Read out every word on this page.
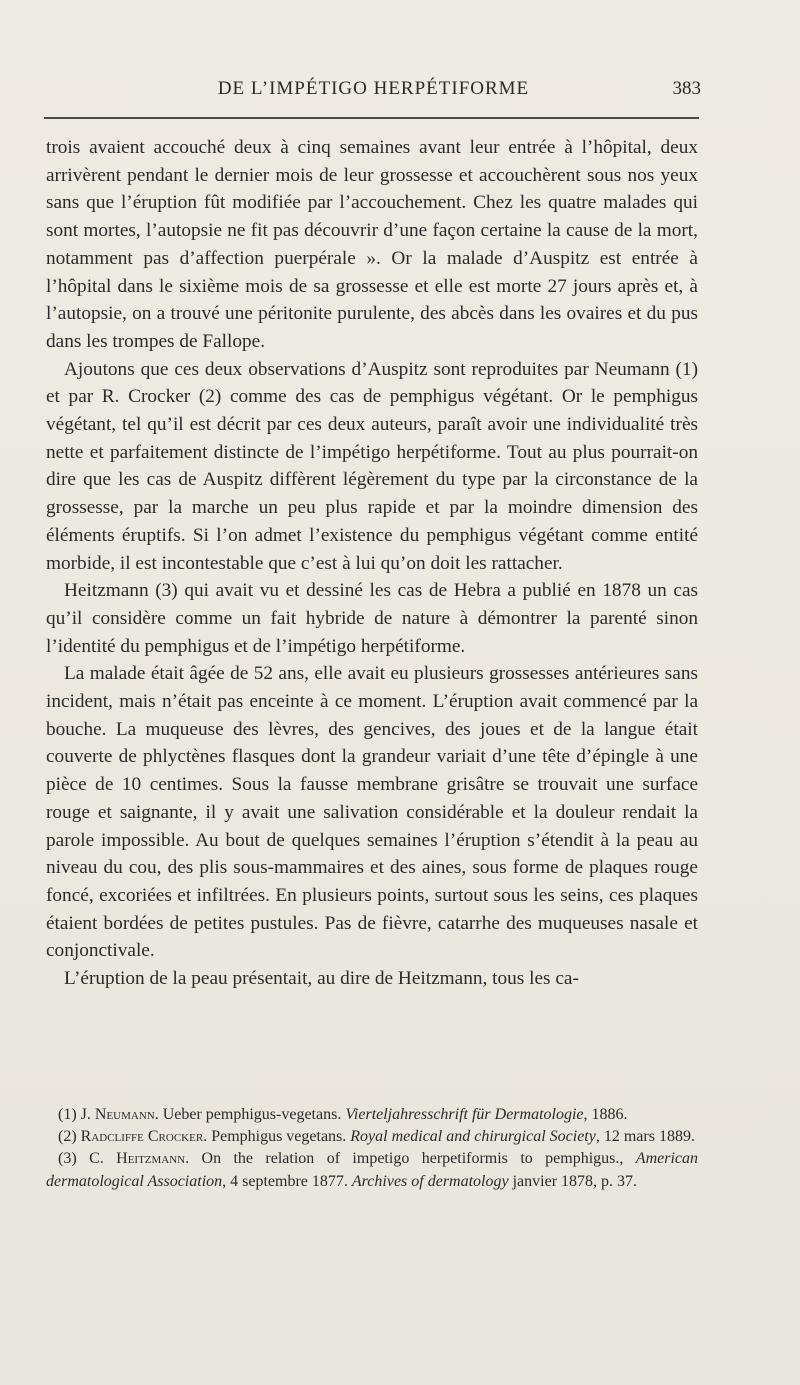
DE L’IMPÉTIGO HERPÉTIFORME	383

trois avaient accouché deux à cinq semaines avant leur entrée à l’hôpital, deux arrivèrent pendant le dernier mois de leur grossesse et accouchèrent sous nos yeux sans que l’éruption fût modifiée par l’accouchement. Chez les quatre malades qui sont mortes, l’autopsie ne fit pas découvrir d’une façon certaine la cause de la mort, notamment pas d’affection puerpérale ». Or la malade d’Auspitz est entrée à l’hôpital dans le sixième mois de sa grossesse et elle est morte 27 jours après et, à l’autopsie, on a trouvé une péritonite purulente, des abcès dans les ovaires et du pus dans les trompes de Fallope.

Ajoutons que ces deux observations d’Auspitz sont reproduites par Neumann (1) et par R. Crocker (2) comme des cas de pemphigus végétant. Or le pemphigus végétant, tel qu’il est décrit par ces deux auteurs, paraît avoir une individualité très nette et parfaitement distincte de l’impétigo herpétiforme. Tout au plus pourrait-on dire que les cas de Auspitz diffèrent légèrement du type par la circonstance de la grossesse, par la marche un peu plus rapide et par la moindre dimension des éléments éruptifs. Si l’on admet l’existence du pemphigus végétant comme entité morbide, il est incontestable que c’est à lui qu’on doit les rattacher.

Heitzmann (3) qui avait vu et dessiné les cas de Hebra a publié en 1878 un cas qu’il considère comme un fait hybride de nature à démontrer la parenté sinon l’identité du pemphigus et de l’impétigo herpétiforme.

La malade était âgée de 52 ans, elle avait eu plusieurs grossesses antérieures sans incident, mais n’était pas enceinte à ce moment. L’éruption avait commencé par la bouche. La muqueuse des lèvres, des gencives, des joues et de la langue était couverte de phlyctènes flasques dont la grandeur variait d’une tête d’épingle à une pièce de 10 centimes. Sous la fausse membrane grisâtre se trouvait une surface rouge et saignante, il y avait une salivation considérable et la douleur rendait la parole impossible. Au bout de quelques semaines l’éruption s’étendit à la peau au niveau du cou, des plis sous-mammaires et des aines, sous forme de plaques rouge foncé, excoriées et infiltrées. En plusieurs points, surtout sous les seins, ces plaques étaient bordées de petites pustules. Pas de fièvre, catarrhe des muqueuses nasale et conjonctivale.

L’éruption de la peau présentait, au dire de Heitzmann, tous les ca-

(1) J. Neumann. Ueber pemphigus-vegetans. Vierteljahresschrift für Dermatologie, 1886.

(2) Radcliffe Crocker. Pemphigus vegetans. Royal medical and chirurgical Society, 12 mars 1889.

(3) C. Heitzmann. On the relation of impetigo herpetiformis to pemphigus., American dermatological Association, 4 septembre 1877. Archives of dermatology janvier 1878, p. 37.
